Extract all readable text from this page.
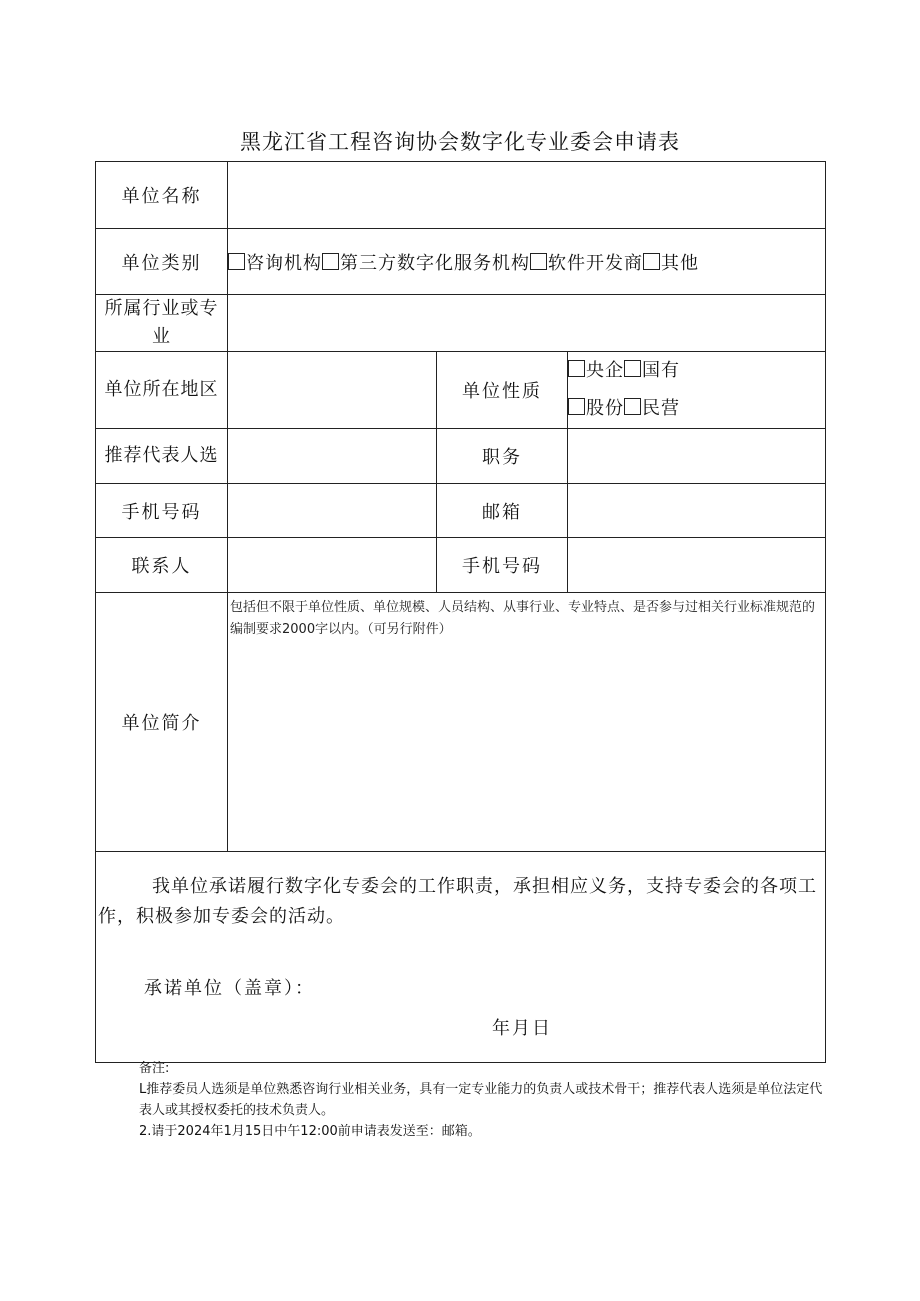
黑龙江省工程咨询协会数字化专业委会申请表
单位名称			
单位类别	咨询机构 第三方数字化服务机构 软件开发商 其他		
所属行业或专业			
单位所在地区		单位性质	央企 国有
股份 民营

推荐代表人选		职务	
手机号码		邮箱	
联系人		手机号码	
单位简介	包括但不限于单位性质、单位规模、人员结构、从事行业、专业特点、是否参与过相关行业标准规范的编制要求2000字以内。（可另行附件）		

我单位承诺履行数字化专委会的工作职责，承担相应义务，支持专委会的各项工作，积极参加专委会的活动。
承诺单位（盖章）：
年月日			

备注:

L推荐委员人选须是单位熟悉咨询行业相关业务，具有一定专业能力的负责人或技术骨干；推荐代表人选须是单位法定代表人或其授权委托的技术负责人。

2.请于2024年1月15日中午12:00前申请表发送至：邮箱。
